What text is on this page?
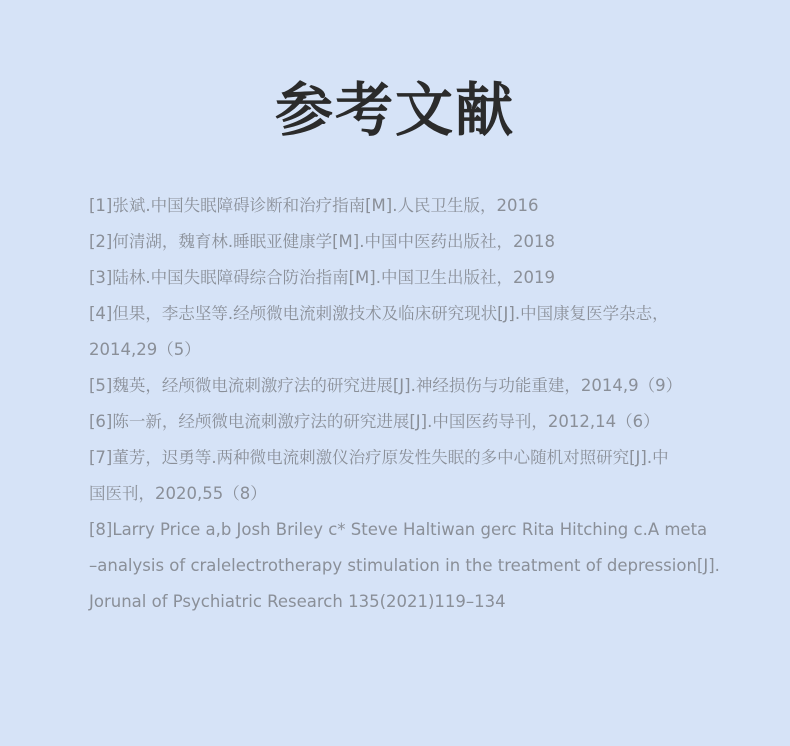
参考文献
[1]张斌.中国失眠障碍诊断和治疗指南[M].人民卫生版，2016
[2]何清湖，魏育林.睡眠亚健康学[M].中国中医药出版社，2018
[3]陆林.中国失眠障碍综合防治指南[M].中国卫生出版社，2019
[4]但果，李志坚等.经颅微电流刺激技术及临床研究现状[J].中国康复医学杂志，
2014,29（5）
[5]魏英，经颅微电流刺激疗法的研究进展[J].神经损伤与功能重建，2014,9（9）
[6]陈一新，经颅微电流刺激疗法的研究进展[J].中国医药导刊，2012,14（6）
[7]董芳，迟勇等.两种微电流刺激仪治疗原发性失眠的多中心随机对照研究[J].中
国医刊，2020,55（8）
[8]Larry Price a,b Josh Briley c* Steve Haltiwan gerc Rita Hitching c.A meta
–analysis of cralelectrotherapy stimulation in the treatment of depression[J].
Jorunal of Psychiatric Research 135(2021)119–134
